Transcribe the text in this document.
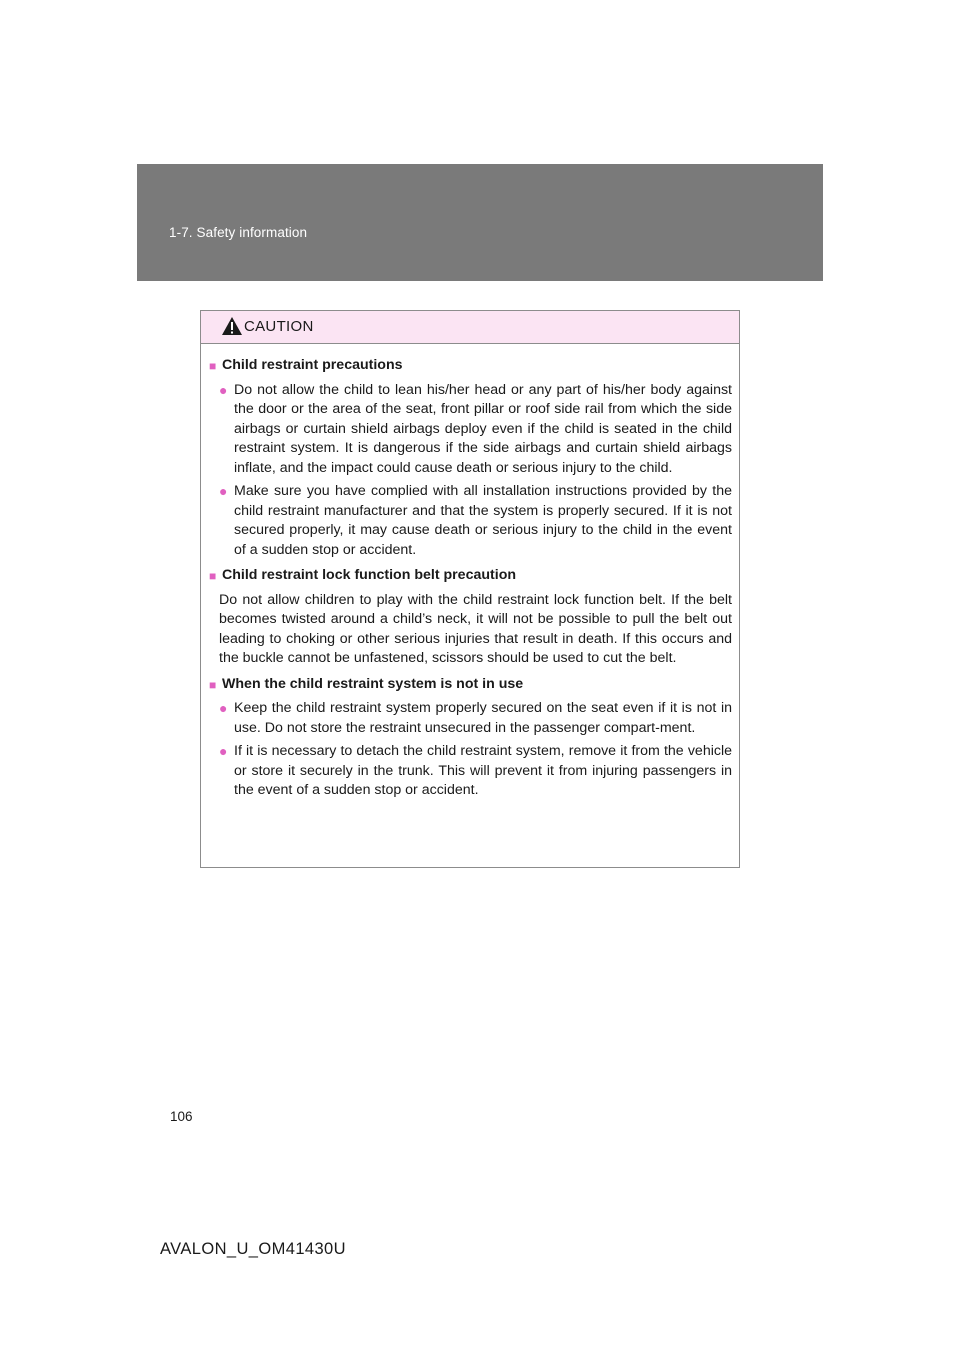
1-7. Safety information
CAUTION
■ Child restraint precautions
● Do not allow the child to lean his/her head or any part of his/her body against the door or the area of the seat, front pillar or roof side rail from which the side airbags or curtain shield airbags deploy even if the child is seated in the child restraint system. It is dangerous if the side airbags and curtain shield airbags inflate, and the impact could cause death or serious injury to the child.
● Make sure you have complied with all installation instructions provided by the child restraint manufacturer and that the system is properly secured. If it is not secured properly, it may cause death or serious injury to the child in the event of a sudden stop or accident.
■ Child restraint lock function belt precaution
Do not allow children to play with the child restraint lock function belt. If the belt becomes twisted around a child’s neck, it will not be possible to pull the belt out leading to choking or other serious injuries that result in death. If this occurs and the buckle cannot be unfastened, scissors should be used to cut the belt.
■ When the child restraint system is not in use
● Keep the child restraint system properly secured on the seat even if it is not in use. Do not store the restraint unsecured in the passenger compart-ment.
● If it is necessary to detach the child restraint system, remove it from the vehicle or store it securely in the trunk. This will prevent it from injuring passengers in the event of a sudden stop or accident.
106
AVALON_U_OM41430U
